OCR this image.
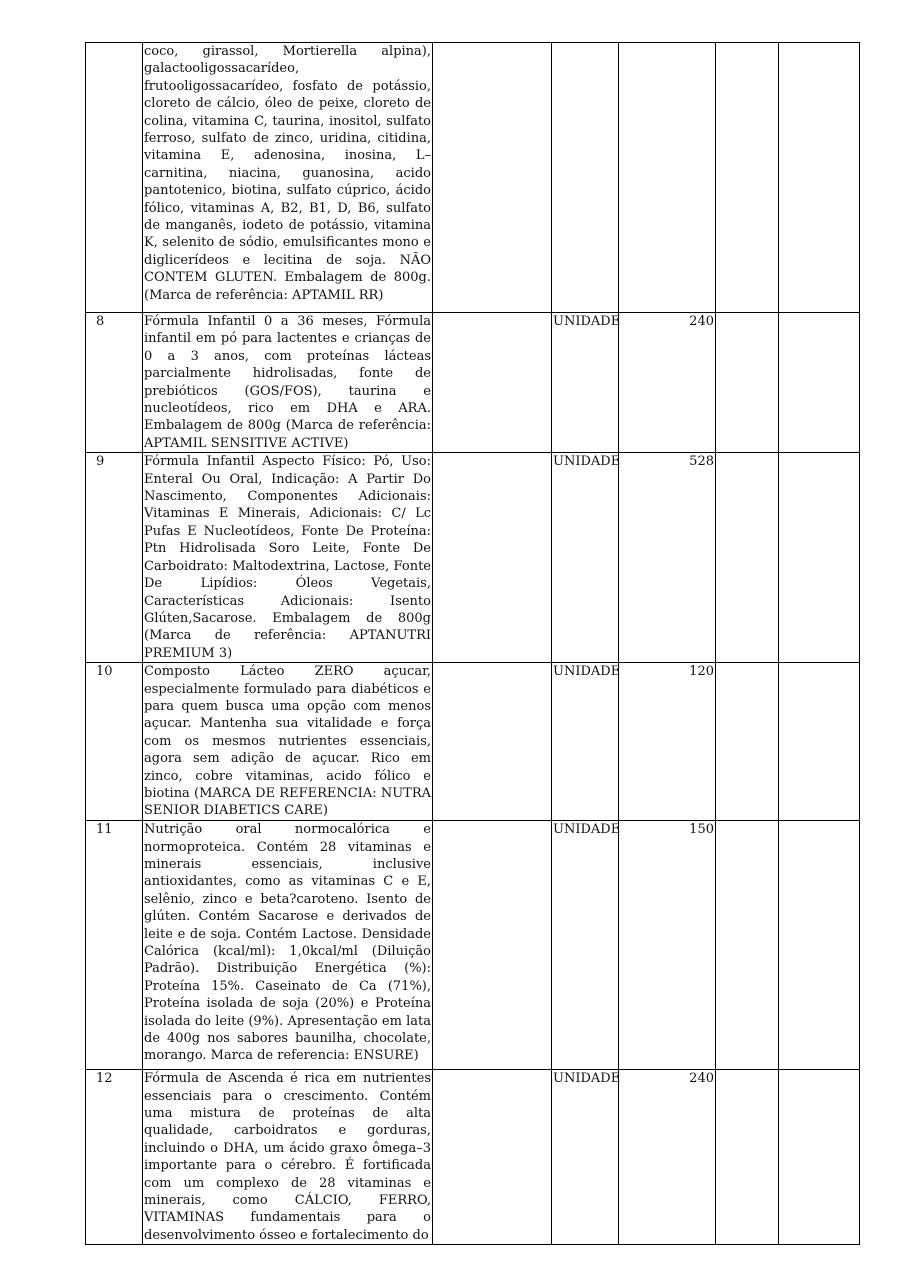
	coco, girassol, Mortierella alpina), galactooligossacarídeo, frutooligossacarídeo, fosfato de potássio, cloreto de cálcio, óleo de peixe, cloreto de colina, vitamina C, taurina, inositol, sulfato ferroso, sulfato de zinco, uridina, citidina, vitamina E, adenosina, inosina, L–carnitina, niacina, guanosina, acido pantotenico, biotina, sulfato cúprico, ácido fólico, vitaminas A, B2, B1, D, B6, sulfato de manganês, iodeto de potássio, vitamina K, selenito de sódio, emulsificantes mono e diglicerídeos e lecitina de soja. NÃO CONTEM GLUTEN. Embalagem de 800g. (Marca de referência: APTAMIL RR)					

8	Fórmula Infantil 0 a 36 meses, Fórmula infantil em pó para lactentes e crianças de 0 a 3 anos, com proteínas lácteas parcialmente hidrolisadas, fonte de prebióticos (GOS/FOS), taurina e nucleotídeos, rico em DHA e ARA. Embalagem de 800g (Marca de referência: APTAMIL SENSITIVE ACTIVE)		UNIDADE	240		
9	Fórmula Infantil Aspecto Físico: Pó, Uso: Enteral Ou Oral, Indicação: A Partir Do Nascimento, Componentes Adicionais: Vitaminas E Minerais, Adicionais: C/ Lc Pufas E Nucleotídeos, Fonte De Proteína: Ptn Hidrolisada Soro Leite, Fonte De Carboidrato: Maltodextrina, Lactose, Fonte De Lipídios: Óleos Vegetais, Características Adicionais: Isento Glúten,Sacarose. Embalagem de 800g (Marca de referência: APTANUTRI PREMIUM 3)		UNIDADE	528		
10	Composto Lácteo ZERO açucar, especialmente formulado para diabéticos e para quem busca uma opção com menos açucar. Mantenha sua vitalidade e força com os mesmos nutrientes essenciais, agora sem adição de açucar. Rico em zinco, cobre vitaminas, acido fólico e biotina (MARCA DE REFERENCIA: NUTRA SENIOR DIABETICS CARE)		UNIDADE	120		
11	Nutrição oral normocalórica e normoproteica. Contém 28 vitaminas e minerais essenciais, inclusive antioxidantes, como as vitaminas C e E, selênio, zinco e beta?caroteno. Isento de glúten. Contém Sacarose e derivados de leite e de soja. Contém Lactose. Densidade Calórica (kcal/ml): 1,0kcal/ml (Diluição Padrão). Distribuição Energética (%): Proteína 15%. Caseinato de Ca (71%), Proteína isolada de soja (20%) e Proteína isolada do leite (9%). Apresentação em lata de 400g nos sabores baunilha, chocolate, morango. Marca de referencia: ENSURE)		UNIDADE	150		
12	Fórmula de Ascenda é rica em nutrientes essenciais para o crescimento. Contém uma mistura de proteínas de alta qualidade, carboidratos e gorduras, incluindo o DHA, um ácido graxo ômega–3 importante para o cérebro. É fortificada com um complexo de 28 vitaminas e minerais, como CÁLCIO, FERRO, VITAMINAS fundamentais para o desenvolvimento ósseo e fortalecimento do		UNIDADE	240		
